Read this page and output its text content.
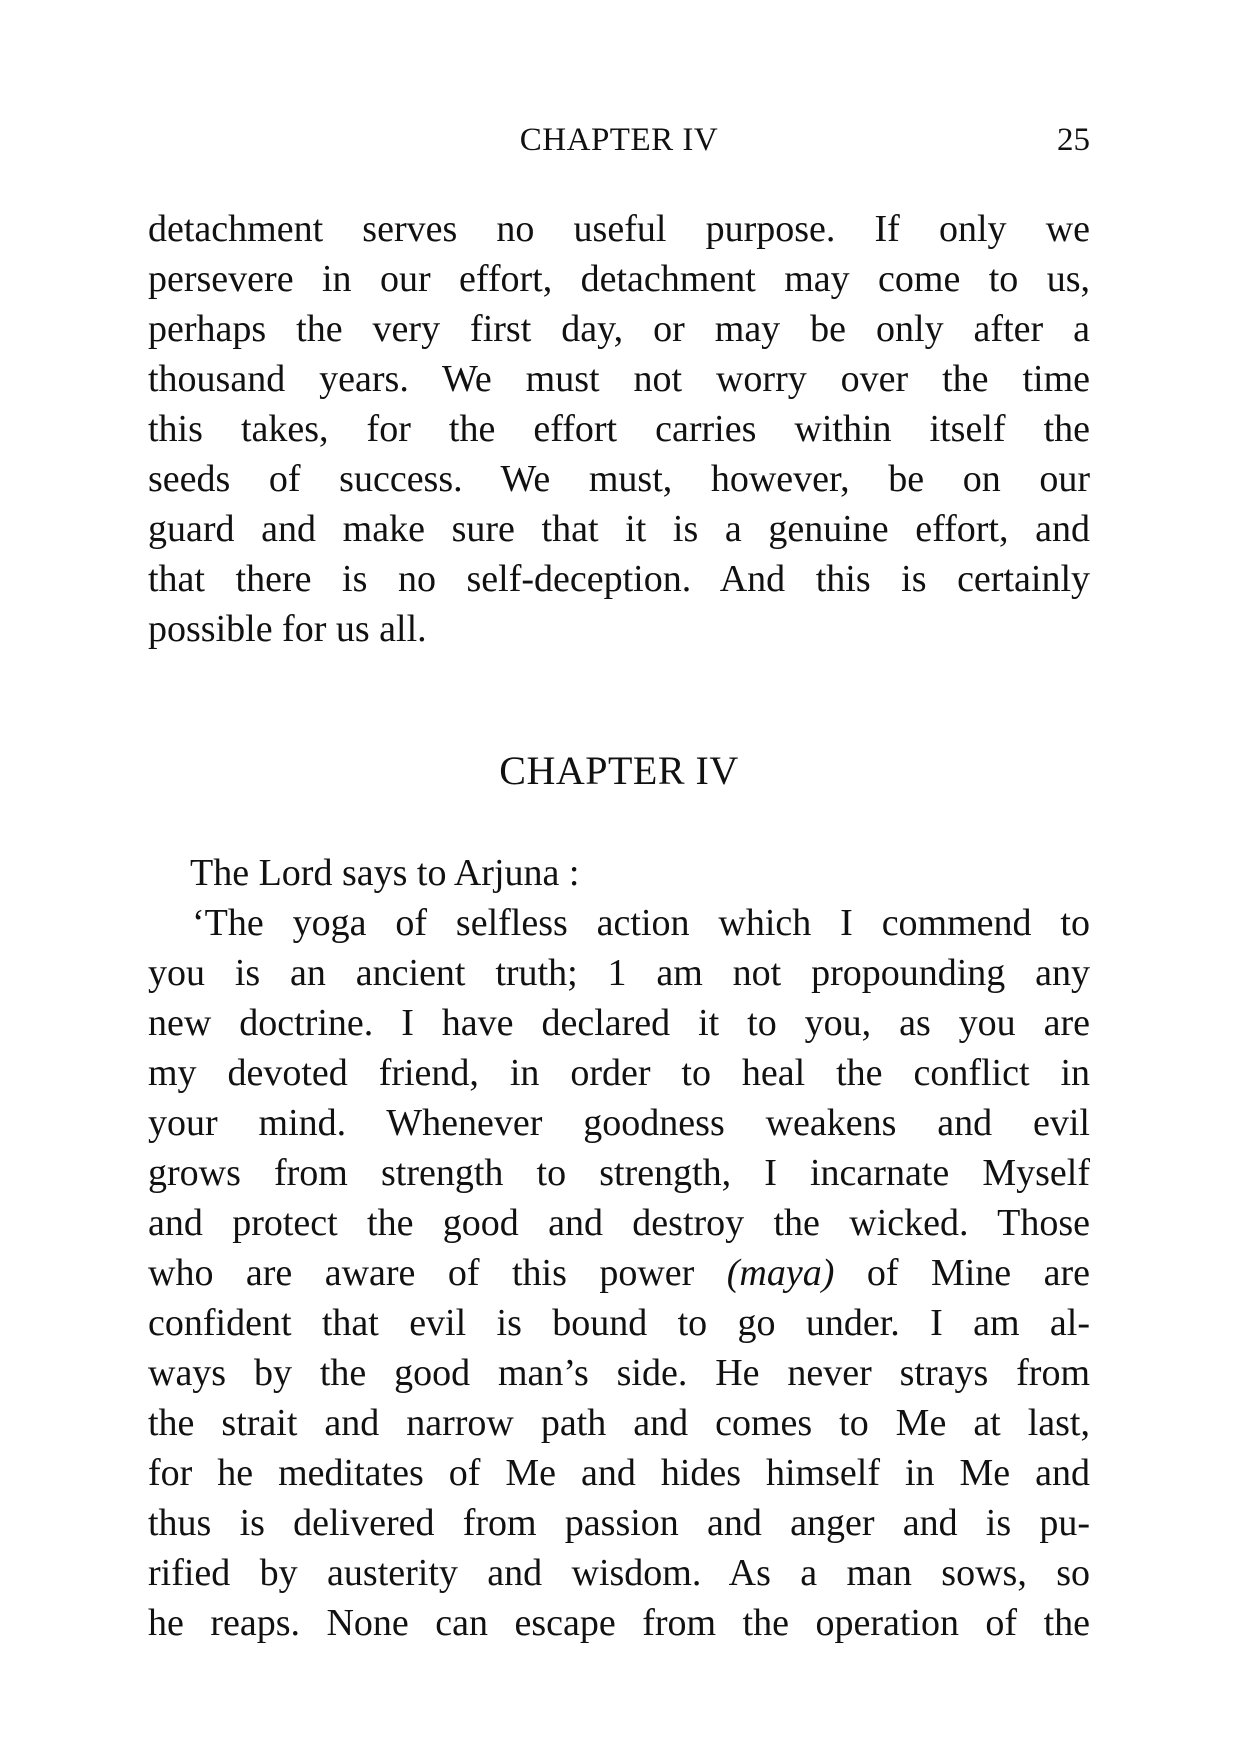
CHAPTER IV	25
detachment serves no useful purpose. If only we
persevere in our effort, detachment may come to us,
perhaps the very first day, or may be only after a
thousand years. We must not worry over the time
this takes, for the effort carries within itself the
seeds of success. We must, however, be on our
guard and make sure that it is a genuine effort, and
that there is no self-deception. And this is certainly
possible for us all.
CHAPTER IV
The Lord says to Arjuna :
‘The yoga of selfless action which I commend to
you is an ancient truth; 1 am not propounding any
new doctrine. I have declared it to you, as you are
my devoted friend, in order to heal the conflict in
your mind. Whenever goodness weakens and evil
grows from strength to strength, I incarnate Myself
and protect the good and destroy the wicked. Those
who are aware of this power (maya) of Mine are
confident that evil is bound to go under. I am al-
ways by the good man’s side. He never strays from
the strait and narrow path and comes to Me at last,
for he meditates of Me and hides himself in Me and
thus is delivered from passion and anger and is pu-
rified by austerity and wisdom. As a man sows, so
he reaps. None can escape from the operation of the
